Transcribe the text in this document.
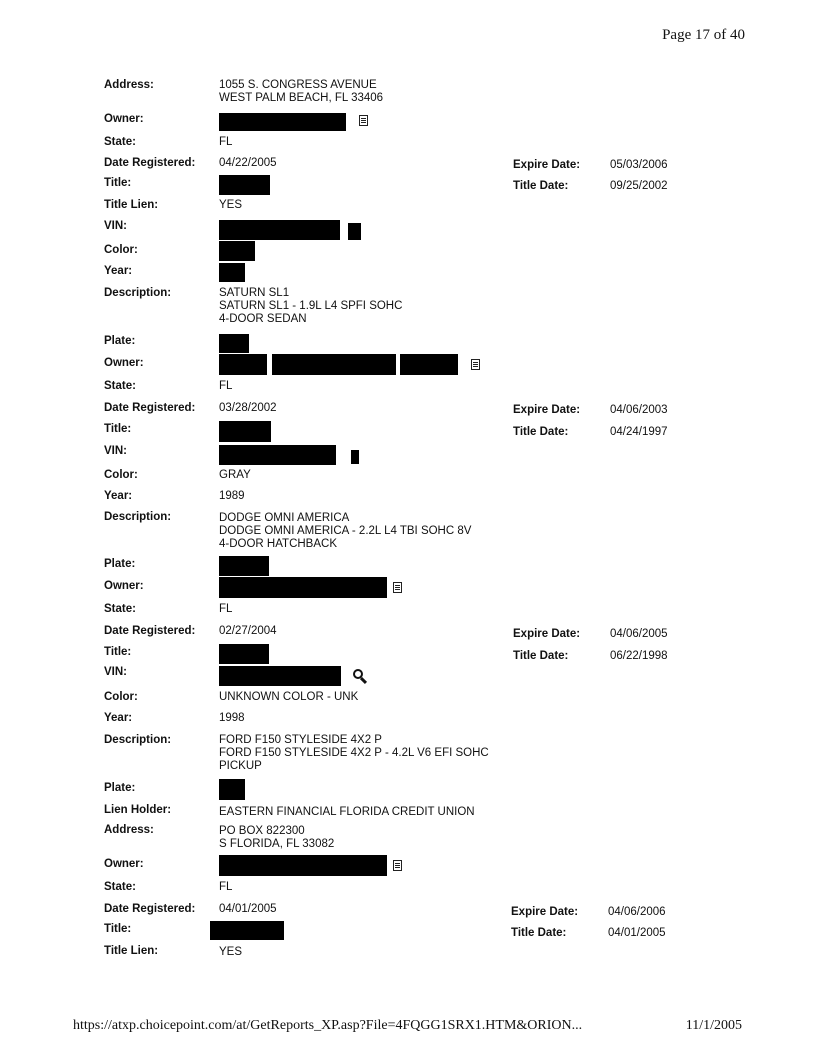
Page 17 of 40
Address:	1055 S. CONGRESS AVENUE
WEST PALM BEACH, FL 33406
Owner:
State:	FL
Date Registered: 04/22/2005	Expire Date:	05/03/2006
Title:	Title Date:	09/25/2002
Title Lien:	YES
VIN:
Color:
Year:
Description:	SATURN SL1
SATURN SL1 - 1.9L L4 SPFI SOHC
4-DOOR SEDAN
Plate:
Owner:
State:	FL
Date Registered: 03/28/2002	Expire Date:	04/06/2003
Title:	Title Date:	04/24/1997
VIN:
Color:	GRAY
Year:	1989
Description:	DODGE OMNI AMERICA
DODGE OMNI AMERICA - 2.2L L4 TBI SOHC 8V
4-DOOR HATCHBACK
Plate:
Owner:
State:	FL
Date Registered: 02/27/2004	Expire Date:	04/06/2005
Title:	Title Date:	06/22/1998
VIN:
Color:	UNKNOWN COLOR - UNK
Year:	1998
Description:	FORD F150 STYLESIDE 4X2 P
FORD F150 STYLESIDE 4X2 P - 4.2L V6 EFI SOHC
PICKUP
Plate:
Lien Holder:	EASTERN FINANCIAL FLORIDA CREDIT UNION
Address:	PO BOX 822300
S FLORIDA, FL 33082
Owner:
State:	FL
Date Registered: 04/01/2005	Expire Date:	04/06/2006
Title:	Title Date:	04/01/2005
Title Lien:	YES
https://atxp.choicepoint.com/at/GetReports_XP.asp?File=4FQGG1SRX1.HTM&ORION...	11/1/2005
